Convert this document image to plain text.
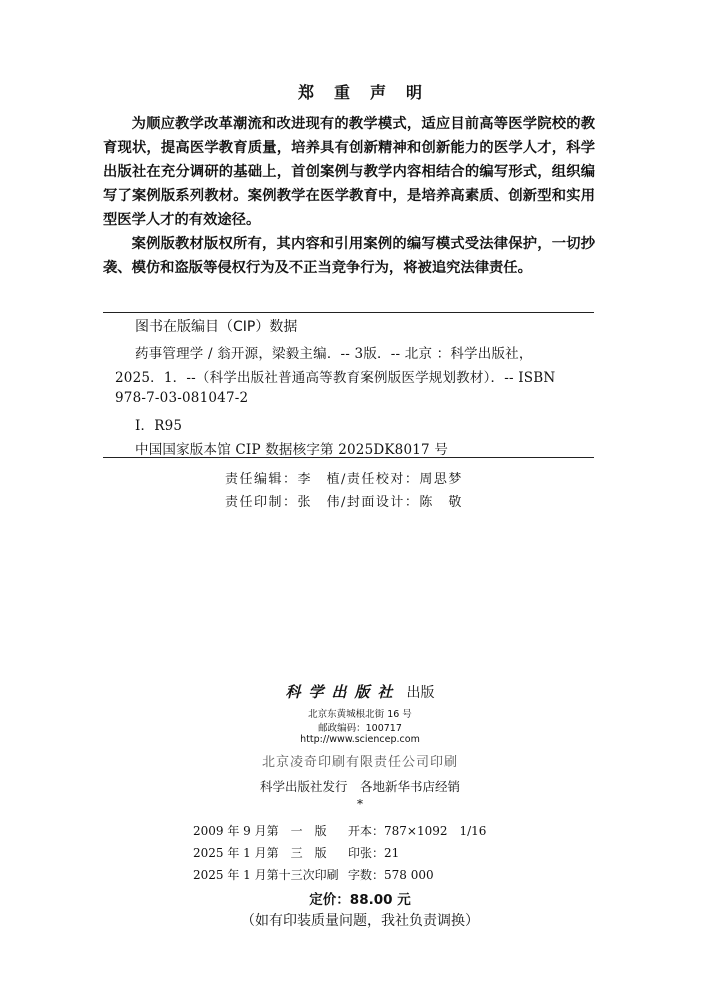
郑重声明

为顺应教学改革潮流和改进现有的教学模式，适应目前高等医学院校的教育现状，提高医学教育质量，培养具有创新精神和创新能力的医学人才，科学出版社在充分调研的基础上，首创案例与教学内容相结合的编写形式，组织编写了案例版系列教材。案例教学在医学教育中，是培养高素质、创新型和实用型医学人才的有效途径。

案例版教材版权所有，其内容和引用案例的编写模式受法律保护，一切抄袭、模仿和盗版等侵权行为及不正当竞争行为，将被追究法律责任。

图书在版编目（CIP）数据
药事管理学 / 翁开源，梁毅主编．-- 3版．-- 北京 ：科学出版社，
2025．1．--（科学出版社普通高等教育案例版医学规划教材）．-- ISBN
978-7-03-081047-2
Ⅰ．R95
中国国家版本馆 CIP 数据核字第 2025DK8017 号
责任编辑：李　植/责任校对：周思梦
责任印制：张　伟/封面设计：陈　敬
科学出版社 出版
北京东黄城根北街 16 号
邮政编码：100717
http://www.sciencep.com
北京凌奇印刷有限责任公司印刷
科学出版社发行　各地新华书店经销
*
2009 年 9 月第　一　版 开本：787×1092　1/16
2025 年 1 月第　三　版 印张：21
2025 年 1 月第十三次印刷 字数：578 000
定价：88.00 元
（如有印装质量问题，我社负责调换）
